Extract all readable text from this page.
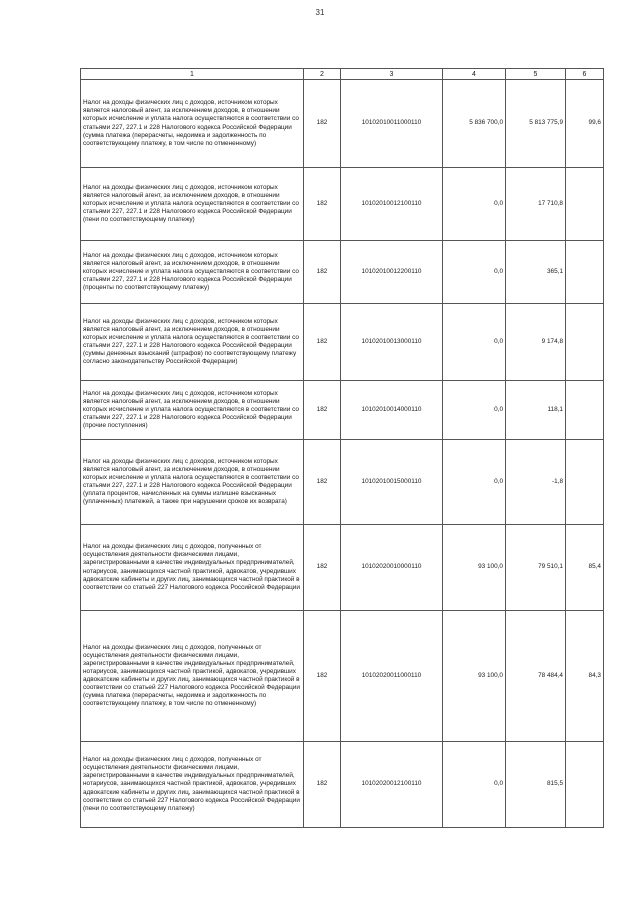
31
1	2	3	4	5	6
Налог на доходы физических лиц с доходов, источником которых является налоговый агент, за исключением доходов, в отношении которых исчисление и уплата налога осуществляются в соответствии со статьями 227, 227.1 и 228 Налогового кодекса Российской Федерации (сумма платежа (перерасчеты, недоимка и задолженность по соответствующему платежу, в том числе по отмененному)	182	10102010011000110	5 836 700,0	5 813 775,9	99,6
Налог на доходы физических лиц с доходов, источником которых является налоговый агент, за исключением доходов, в отношении которых исчисление и уплата налога осуществляются в соответствии со статьями 227, 227.1 и 228 Налогового кодекса Российской Федерации (пени по соответствующему платежу)	182	10102010012100110	0,0	17 710,8	
Налог на доходы физических лиц с доходов, источником которых является налоговый агент, за исключением доходов, в отношении которых исчисление и уплата налога осуществляются в соответствии со статьями 227, 227.1 и 228 Налогового кодекса Российской Федерации (проценты по соответствующему платежу)	182	10102010012200110	0,0	365,1	
Налог на доходы физических лиц с доходов, источником которых является налоговый агент, за исключением доходов, в отношении которых исчисление и уплата налога осуществляются в соответствии со статьями 227, 227.1 и 228 Налогового кодекса Российской Федерации (суммы денежных взысканий (штрафов) по соответствующему платежу согласно законодательству Российской Федерации)	182	10102010013000110	0,0	9 174,8	
Налог на доходы физических лиц с доходов, источником которых является налоговый агент, за исключением доходов, в отношении которых исчисление и уплата налога осуществляются в соответствии со статьями 227, 227.1 и 228 Налогового кодекса Российской Федерации (прочие поступления)	182	10102010014000110	0,0	118,1	
Налог на доходы физических лиц с доходов, источником которых является налоговый агент, за исключением доходов, в отношении которых исчисление и уплата налога осуществляются в соответствии со статьями 227, 227.1 и 228 Налогового кодекса Российской Федерации (уплата процентов, начисленных на суммы излишне взысканных (уплаченных) платежей, а также при нарушении сроков их возврата)	182	10102010015000110	0,0	-1,8	
Налог на доходы физических лиц с доходов, полученных от осуществления деятельности физическими лицами, зарегистрированными в качестве индивидуальных предпринимателей, нотариусов, занимающихся частной практикой, адвокатов, учредивших адвокатские кабинеты и других лиц, занимающихся частной практикой в соответствии со статьей 227 Налогового кодекса Российской Федерации	182	10102020010000110	93 100,0	79 510,1	85,4
Налог на доходы физических лиц с доходов, полученных от осуществления деятельности физическими лицами, зарегистрированными в качестве индивидуальных предпринимателей, нотариусов, занимающихся частной практикой, адвокатов, учредивших адвокатские кабинеты и других лиц, занимающихся частной практикой в соответствии со статьей 227 Налогового кодекса Российской Федерации (сумма платежа (перерасчеты, недоимка и задолженность по соответствующему платежу, в том числе по отмененному)	182	10102020011000110	93 100,0	78 484,4	84,3
Налог на доходы физических лиц с доходов, полученных от осуществления деятельности физическими лицами, зарегистрированными в качестве индивидуальных предпринимателей, нотариусов, занимающихся частной практикой, адвокатов, учредивших адвокатские кабинеты и других лиц, занимающихся частной практикой в соответствии со статьей 227 Налогового кодекса Российской Федерации (пени по соответствующему платежу)	182	10102020012100110	0,0	815,5	
